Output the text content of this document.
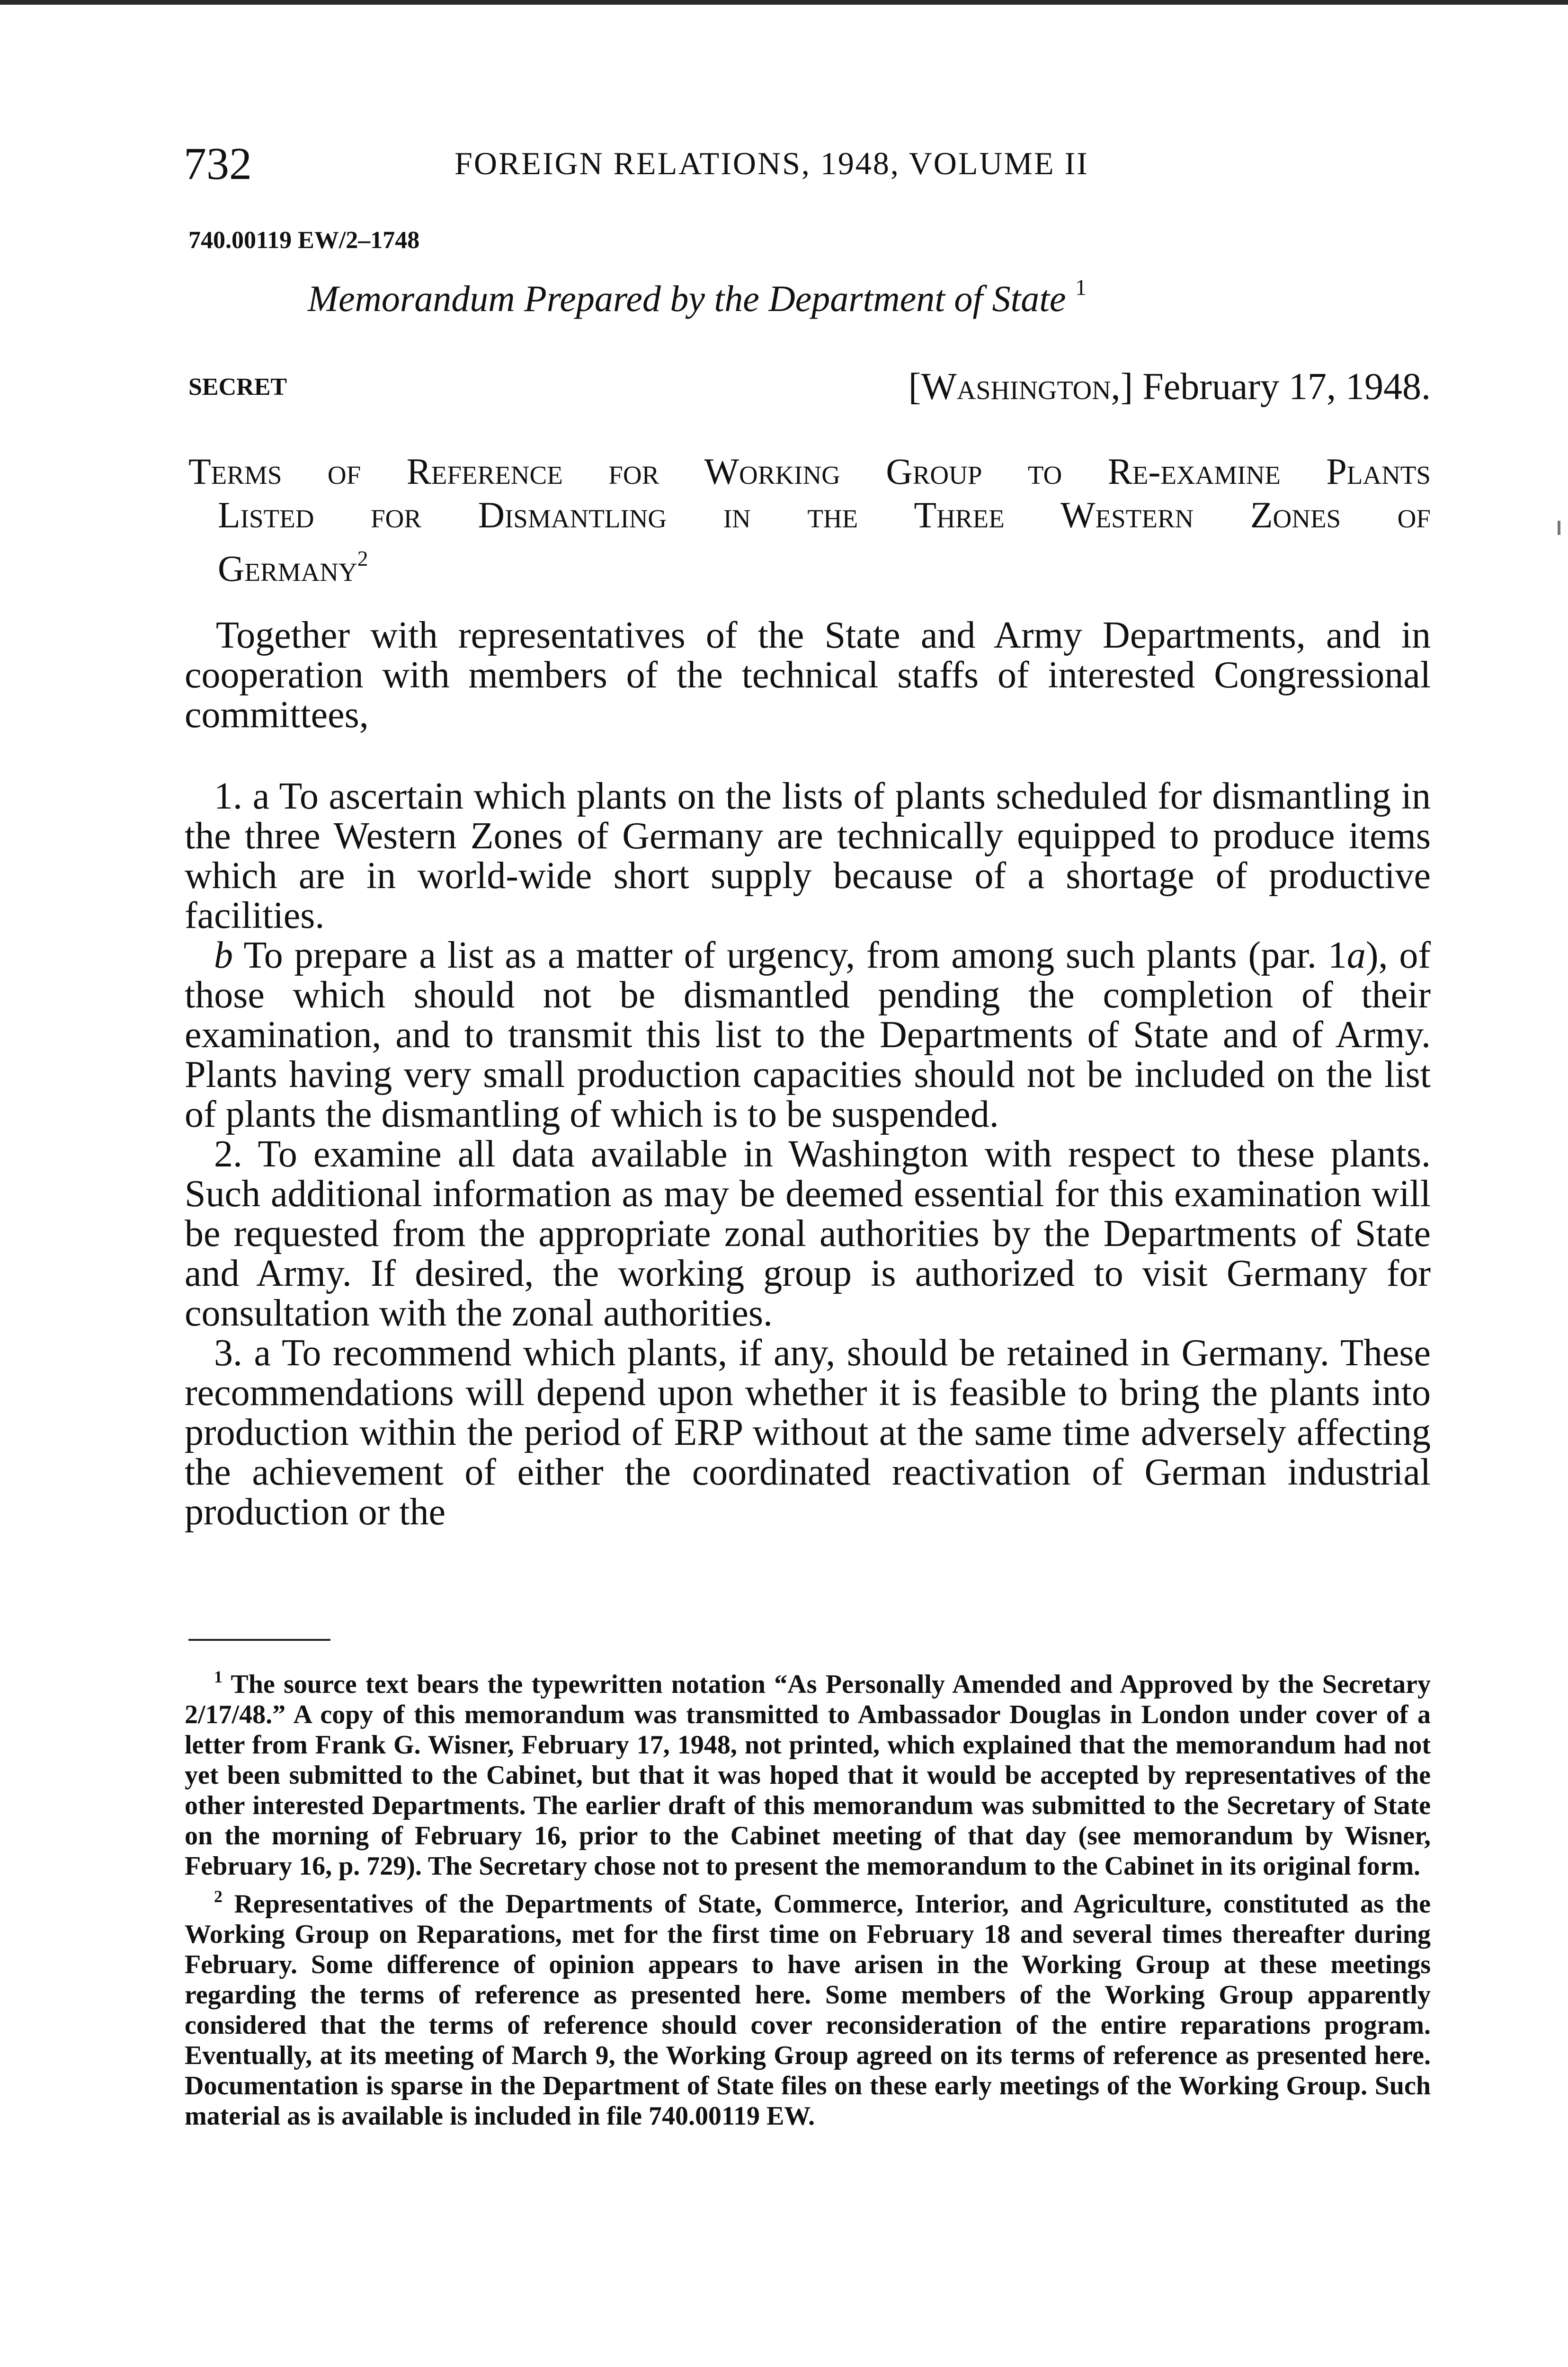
732	FOREIGN RELATIONS, 1948, VOLUME II
740.00119 EW/2–1748
Memorandum Prepared by the Department of State $^1$
SECRET	[Washington,] February 17, 1948.
Terms of Reference for Working Group to Re-examine Plants
Listed for Dismantling in the Three Western Zones of
Germany$^2$

Together with representatives of the State and Army Departments, and in cooperation with members of the technical staffs of interested Congressional committees,

1. a To ascertain which plants on the lists of plants scheduled for dismantling in the three Western Zones of Germany are technically equipped to produce items which are in world-wide short supply because of a shortage of productive facilities.

b To prepare a list as a matter of urgency, from among such plants (par. 1a), of those which should not be dismantled pending the completion of their examination, and to transmit this list to the Departments of State and of Army. Plants having very small production capacities should not be included on the list of plants the dismantling of which is to be suspended.

2. To examine all data available in Washington with respect to these plants. Such additional information as may be deemed essential for this examination will be requested from the appropriate zonal authorities by the Departments of State and Army. If desired, the working group is authorized to visit Germany for consultation with the zonal authorities.

3. a To recommend which plants, if any, should be retained in Germany. These recommendations will depend upon whether it is feasible to bring the plants into production within the period of ERP without at the same time adversely affecting the achievement of either the coordinated reactivation of German industrial production or the

$^1$ The source text bears the typewritten notation “As Personally Amended and Approved by the Secretary 2/17/48.” A copy of this memorandum was transmitted to Ambassador Douglas in London under cover of a letter from Frank G. Wisner, February 17, 1948, not printed, which explained that the memorandum had not yet been submitted to the Cabinet, but that it was hoped that it would be accepted by representatives of the other interested Departments. The earlier draft of this memorandum was submitted to the Secretary of State on the morning of February 16, prior to the Cabinet meeting of that day (see memorandum by Wisner, February 16, p. 729). The Secretary chose not to present the memorandum to the Cabinet in its original form.

$^2$ Representatives of the Departments of State, Commerce, Interior, and Agriculture, constituted as the Working Group on Reparations, met for the first time on February 18 and several times thereafter during February. Some difference of opinion appears to have arisen in the Working Group at these meetings regarding the terms of reference as presented here. Some members of the Working Group apparently considered that the terms of reference should cover reconsideration of the entire reparations program. Eventually, at its meeting of March 9, the Working Group agreed on its terms of reference as presented here. Documentation is sparse in the Department of State files on these early meetings of the Working Group. Such material as is available is included in file 740.00119 EW.
